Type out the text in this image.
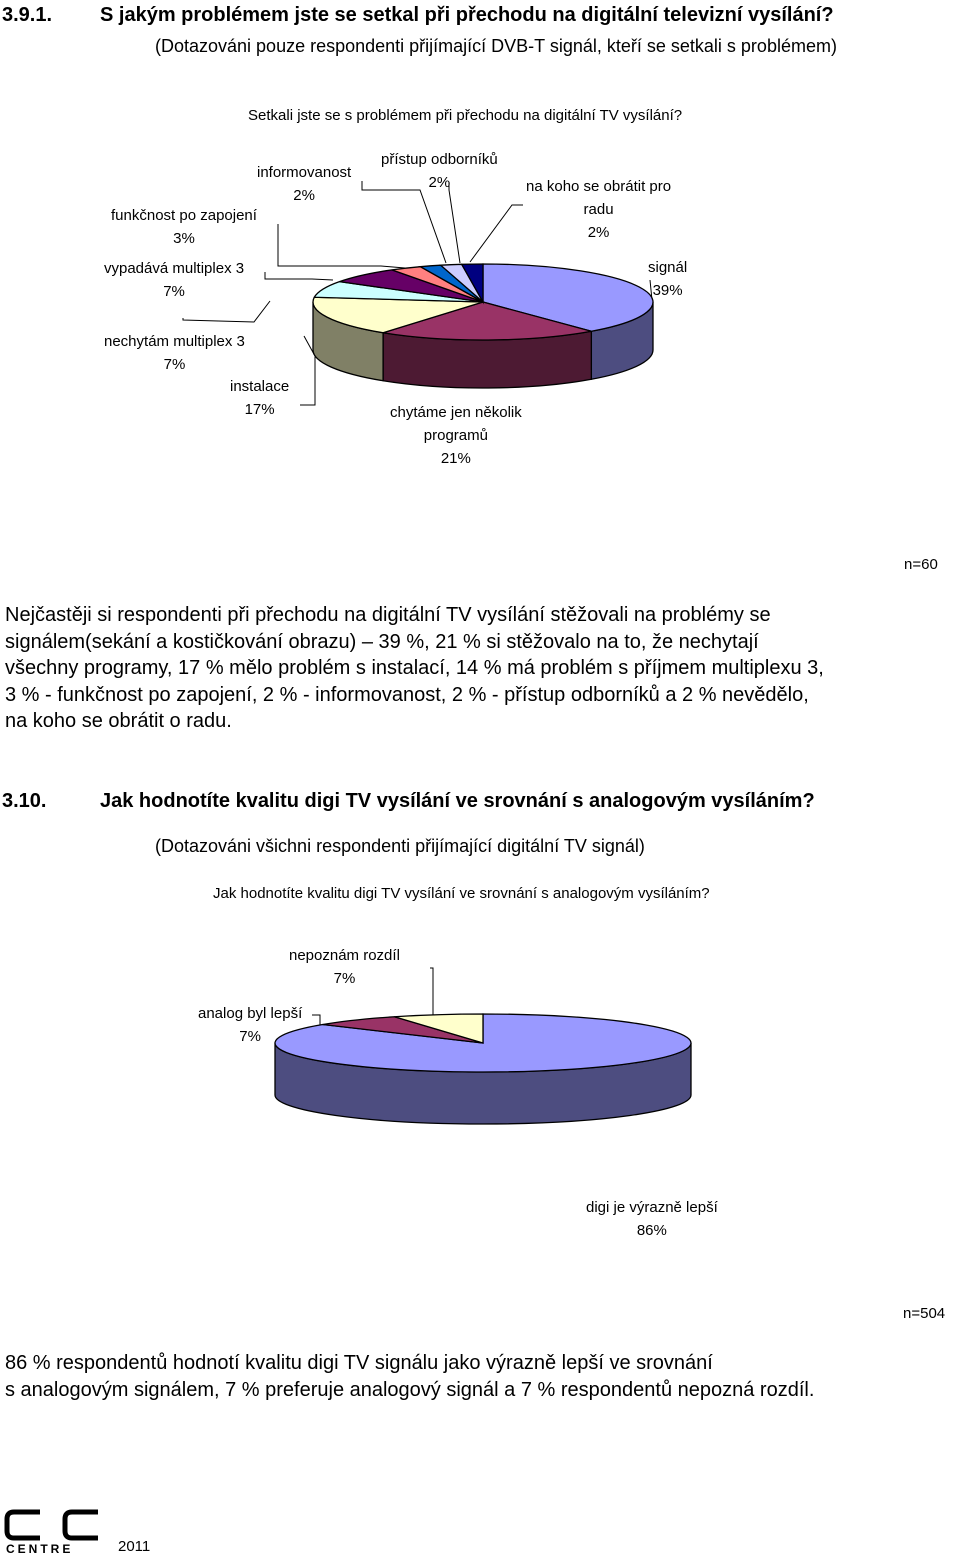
3.9.1. S jakým problémem jste se setkal při přechodu na digitální televizní vysílání?
(Dotazováni pouze respondenti přijímající DVB-T signál, kteří se setkali s problémem)
Setkali jste se s problémem při přechodu na digitální TV vysílání?
signál
39%
chytáme jen několik
programů
21%
instalace
17%
nechytám multiplex 3
7%
vypadává multiplex 3
7%
funkčnost po zapojení
3%
informovanost
2%
přístup odborníků
2%	na koho se obrátit pro
radu
2%
n=60
Nejčastěji si respondenti při přechodu na digitální TV vysílání stěžovali na problémy se
signálem(sekání a kostičkování obrazu) – 39 %, 21 % si stěžovalo na to, že nechytají
všechny programy, 17 % mělo problém s instalací, 14 % má problém s příjmem multiplexu 3,
3 % - funkčnost po zapojení, 2 % - informovanost, 2 % - přístup odborníků a 2 % nevědělo,
na koho se obrátit o radu.
3.10.	Jak hodnotíte kvalitu digi TV vysílání ve srovnání s analogovým vysíláním?
(Dotazováni všichni respondenti přijímající digitální TV signál)
Jak hodnotíte kvalitu digi TV vysílání ve srovnání s analogovým vysíláním?
digi je výrazně lepší
86%
analog byl lepší
7%
nepoznám rozdíl
7%
n=504
86 % respondentů hodnotí kvalitu digi TV signálu jako výrazně lepší ve srovnání
s analogovým signálem, 7 % preferuje analogový signál a 7 % respondentů nepozná rozdíl.
CENTRE	2011
